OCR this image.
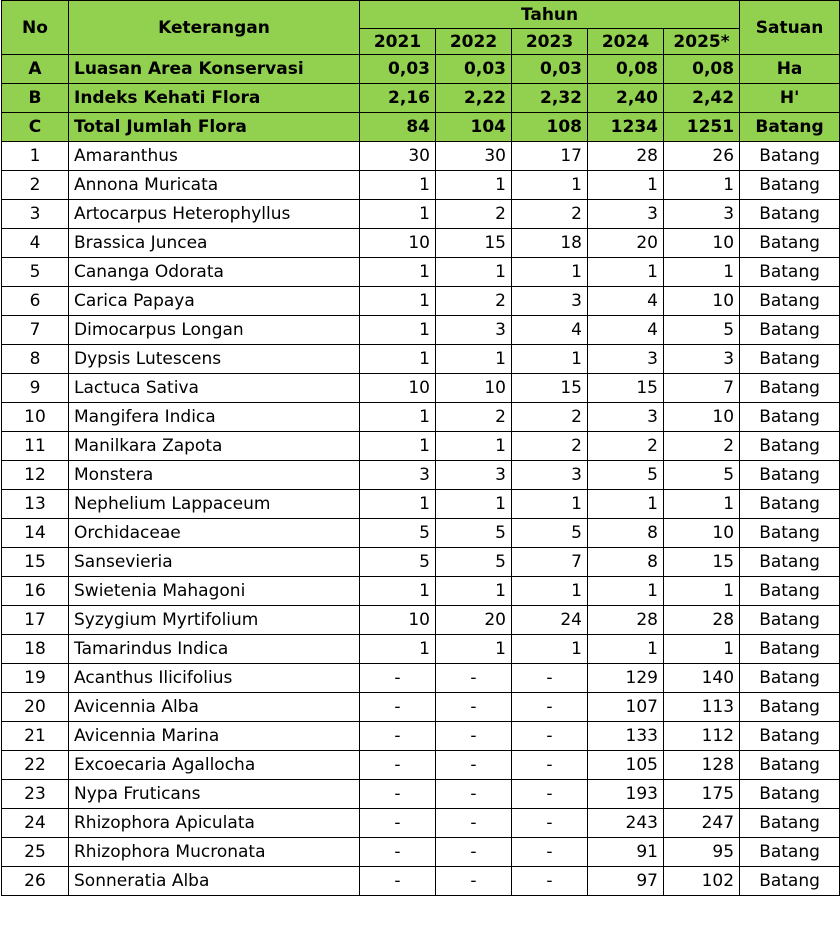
No	Keterangan	Tahun					Satuan
		2021	2022	2023	2024	2025*	
A	Luasan Area Konservasi	0,03	0,03	0,03	0,08	0,08	Ha
B	Indeks Kehati Flora	2,16	2,22	2,32	2,40	2,42	H'
C	Total Jumlah Flora	84	104	108	1234	1251	Batang
1	Amaranthus	30	30	17	28	26	Batang
2	Annona Muricata	1	1	1	1	1	Batang
3	Artocarpus Heterophyllus	1	2	2	3	3	Batang
4	Brassica Juncea	10	15	18	20	10	Batang
5	Cananga Odorata	1	1	1	1	1	Batang
6	Carica Papaya	1	2	3	4	10	Batang
7	Dimocarpus Longan	1	3	4	4	5	Batang
8	Dypsis Lutescens	1	1	1	3	3	Batang
9	Lactuca Sativa	10	10	15	15	7	Batang
10	Mangifera Indica	1	2	2	3	10	Batang
11	Manilkara Zapota	1	1	2	2	2	Batang
12	Monstera	3	3	3	5	5	Batang
13	Nephelium Lappaceum	1	1	1	1	1	Batang
14	Orchidaceae	5	5	5	8	10	Batang
15	Sansevieria	5	5	7	8	15	Batang
16	Swietenia Mahagoni	1	1	1	1	1	Batang
17	Syzygium Myrtifolium	10	20	24	28	28	Batang
18	Tamarindus Indica	1	1	1	1	1	Batang
19	Acanthus Ilicifolius	-	-	-	129	140	Batang
20	Avicennia Alba	-	-	-	107	113	Batang
21	Avicennia Marina	-	-	-	133	112	Batang
22	Excoecaria Agallocha	-	-	-	105	128	Batang
23	Nypa Fruticans	-	-	-	193	175	Batang
24	Rhizophora Apiculata	-	-	-	243	247	Batang
25	Rhizophora Mucronata	-	-	-	91	95	Batang
26	Sonneratia Alba	-	-	-	97	102	Batang
